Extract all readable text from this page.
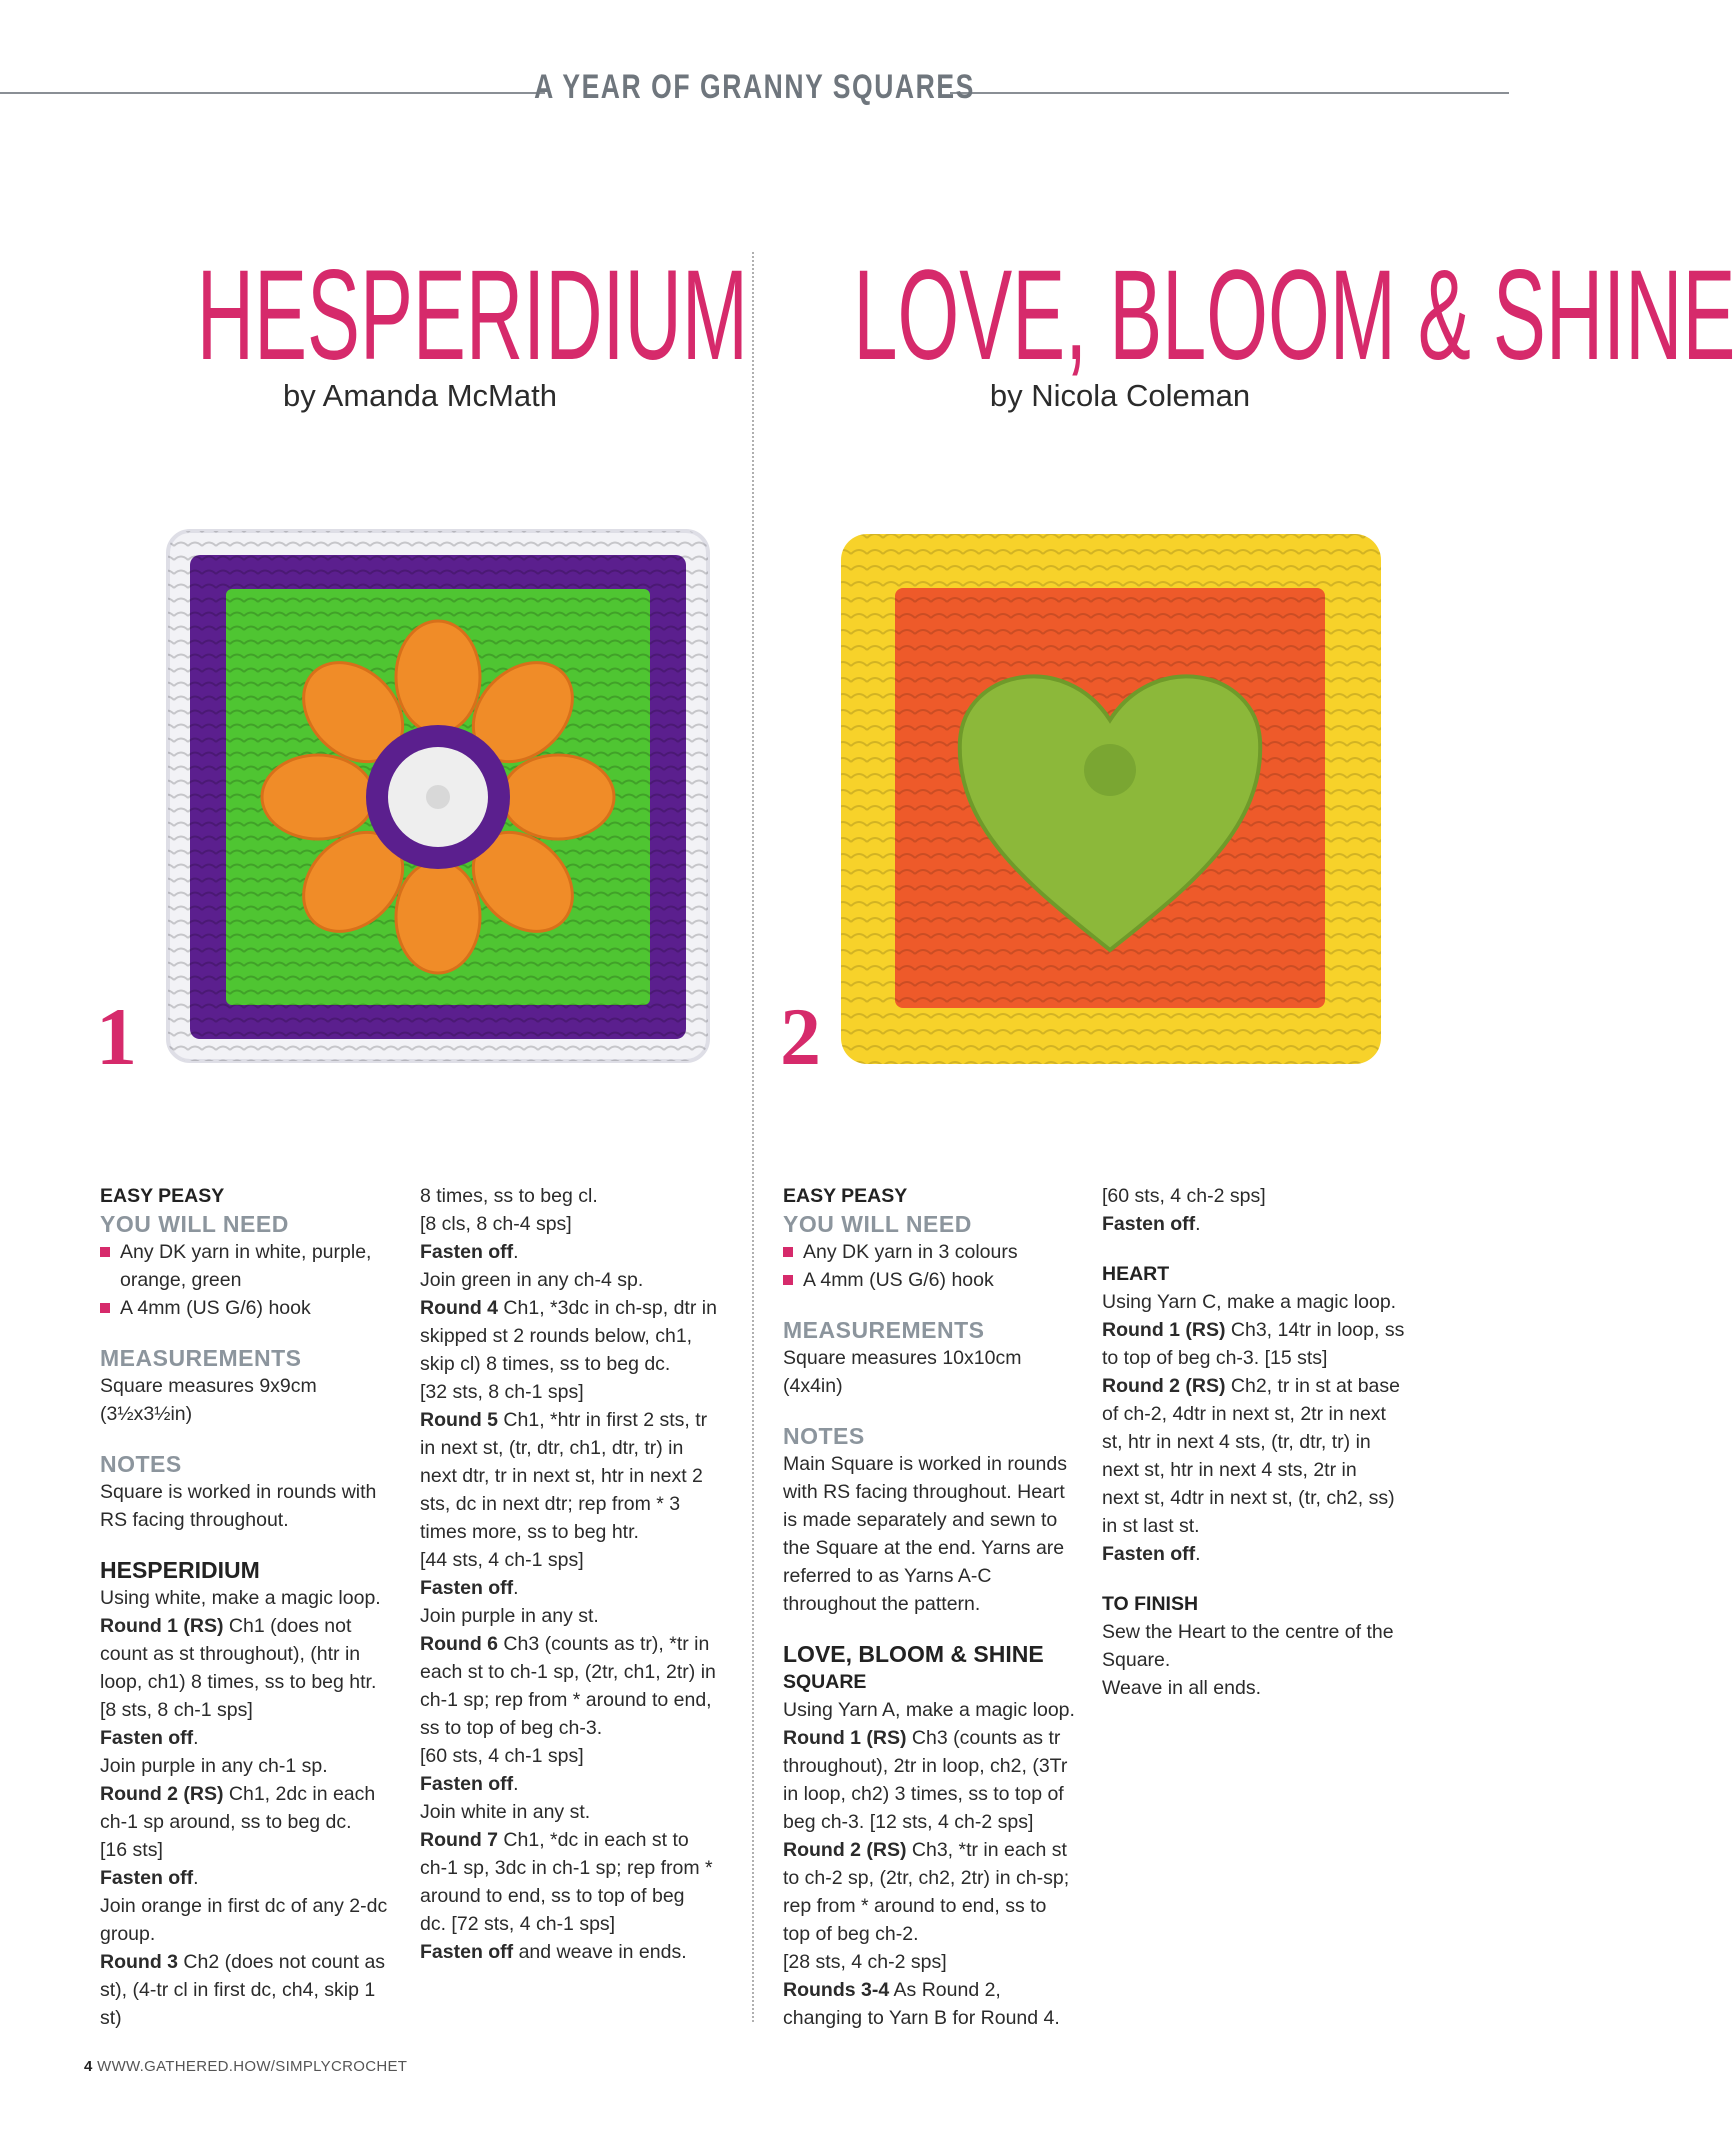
A YEAR OF GRANNY SQUARES
HESPERIDIUM
by Amanda McMath
LOVE, BLOOM & SHINE
by Nicola Coleman
1	2

EASY PEASY

YOU WILL NEED

Any DK yarn in white, purple,

orange, green

A 4mm (US G/6) hook

MEASUREMENTS

Square measures 9x9cm

(3½x3½in)

NOTES

Square is worked in rounds with

RS facing throughout.

HESPERIDIUM

Using white, make a magic loop.

Round 1 (RS) Ch1 (does not

count as st throughout), (htr in

loop, ch1) 8 times, ss to beg htr.

[8 sts, 8 ch-1 sps]

Fasten off.

Join purple in any ch-1 sp.

Round 2 (RS) Ch1, 2dc in each

ch-1 sp around, ss to beg dc.

[16 sts]

Fasten off.

Join orange in first dc of any 2-dc

group.

Round 3 Ch2 (does not count as

st), (4-tr cl in first dc, ch4, skip 1 st)

8 times, ss to beg cl.

[8 cls, 8 ch-4 sps]

Fasten off.

Join green in any ch-4 sp.

Round 4 Ch1, *3dc in ch-sp, dtr in

skipped st 2 rounds below, ch1,

skip cl) 8 times, ss to beg dc.

[32 sts, 8 ch-1 sps]

Round 5 Ch1, *htr in first 2 sts, tr

in next st, (tr, dtr, ch1, dtr, tr) in

next dtr, tr in next st, htr in next 2

sts, dc in next dtr; rep from * 3

times more, ss to beg htr.

[44 sts, 4 ch-1 sps]

Fasten off.

Join purple in any st.

Round 6 Ch3 (counts as tr), *tr in

each st to ch-1 sp, (2tr, ch1, 2tr) in

ch-1 sp; rep from * around to end,

ss to top of beg ch-3.

[60 sts, 4 ch-1 sps]

Fasten off.

Join white in any st.

Round 7 Ch1, *dc in each st to

ch-1 sp, 3dc in ch-1 sp; rep from *

around to end, ss to top of beg

dc. [72 sts, 4 ch-1 sps]

Fasten off and weave in ends.

EASY PEASY

YOU WILL NEED

Any DK yarn in 3 colours

A 4mm (US G/6) hook

MEASUREMENTS

Square measures 10x10cm (4x4in)

NOTES

Main Square is worked in rounds

with RS facing throughout. Heart

is made separately and sewn to

the Square at the end. Yarns are

referred to as Yarns A-C

throughout the pattern.

LOVE, BLOOM & SHINE

SQUARE

Using Yarn A, make a magic loop.

Round 1 (RS) Ch3 (counts as tr

throughout), 2tr in loop, ch2, (3Tr

in loop, ch2) 3 times, ss to top of

beg ch-3. [12 sts, 4 ch-2 sps]

Round 2 (RS) Ch3, *tr in each st

to ch-2 sp, (2tr, ch2, 2tr) in ch-sp;

rep from * around to end, ss to

top of beg ch-2.

[28 sts, 4 ch-2 sps]

Rounds 3-4 As Round 2,

changing to Yarn B for Round 4.

[60 sts, 4 ch-2 sps]

Fasten off.

HEART

Using Yarn C, make a magic loop.

Round 1 (RS) Ch3, 14tr in loop, ss

to top of beg ch-3. [15 sts]

Round 2 (RS) Ch2, tr in st at base

of ch-2, 4dtr in next st, 2tr in next

st, htr in next 4 sts, (tr, dtr, tr) in

next st, htr in next 4 sts, 2tr in

next st, 4dtr in next st, (tr, ch2, ss)

in st last st.

Fasten off.

TO FINISH

Sew the Heart to the centre of the

Square.

Weave in all ends.

4 WWW.GATHERED.HOW/SIMPLYCROCHET
